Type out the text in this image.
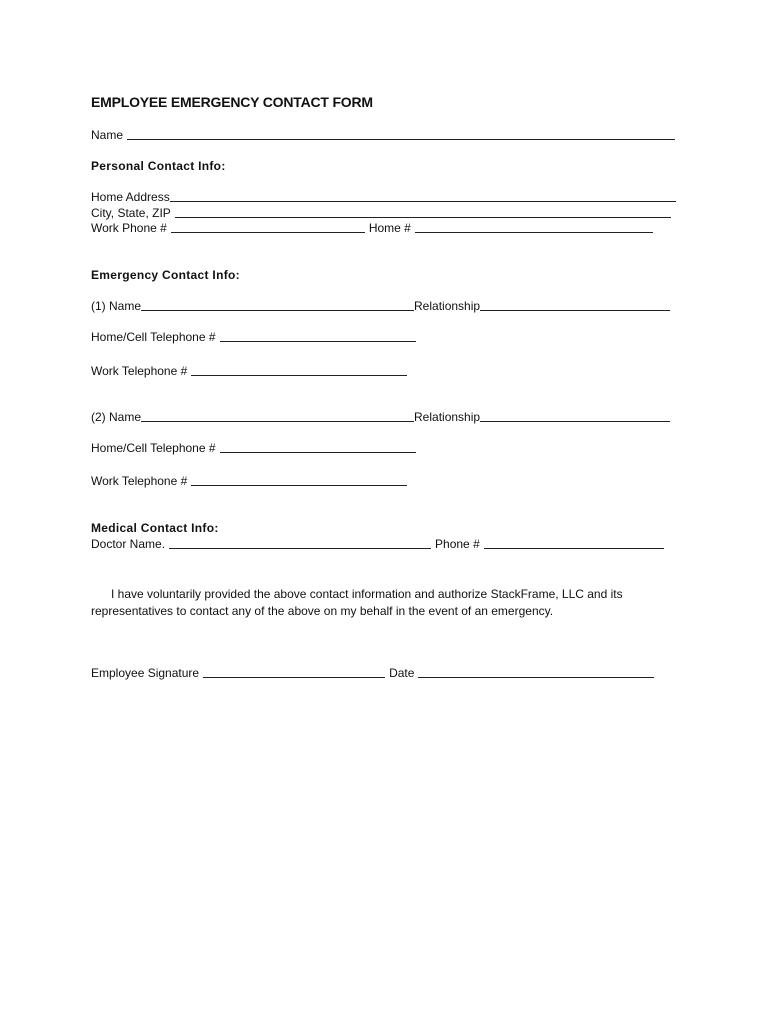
EMPLOYEE EMERGENCY CONTACT FORM
Name
Personal Contact Info:
Home Address
City, State, ZIP
Work Phone #	Home #
Emergency Contact Info:
(1) Name	Relationship
Home/Cell Telephone #
Work Telephone #
(2) Name	Relationship
Home/Cell Telephone #
Work Telephone #
Medical Contact Info:
Doctor Name.	Phone #
I have voluntarily provided the above contact information and authorize StackFrame, LLC and its representatives to contact any of the above on my behalf in the event of an emergency.
Employee Signature	Date
